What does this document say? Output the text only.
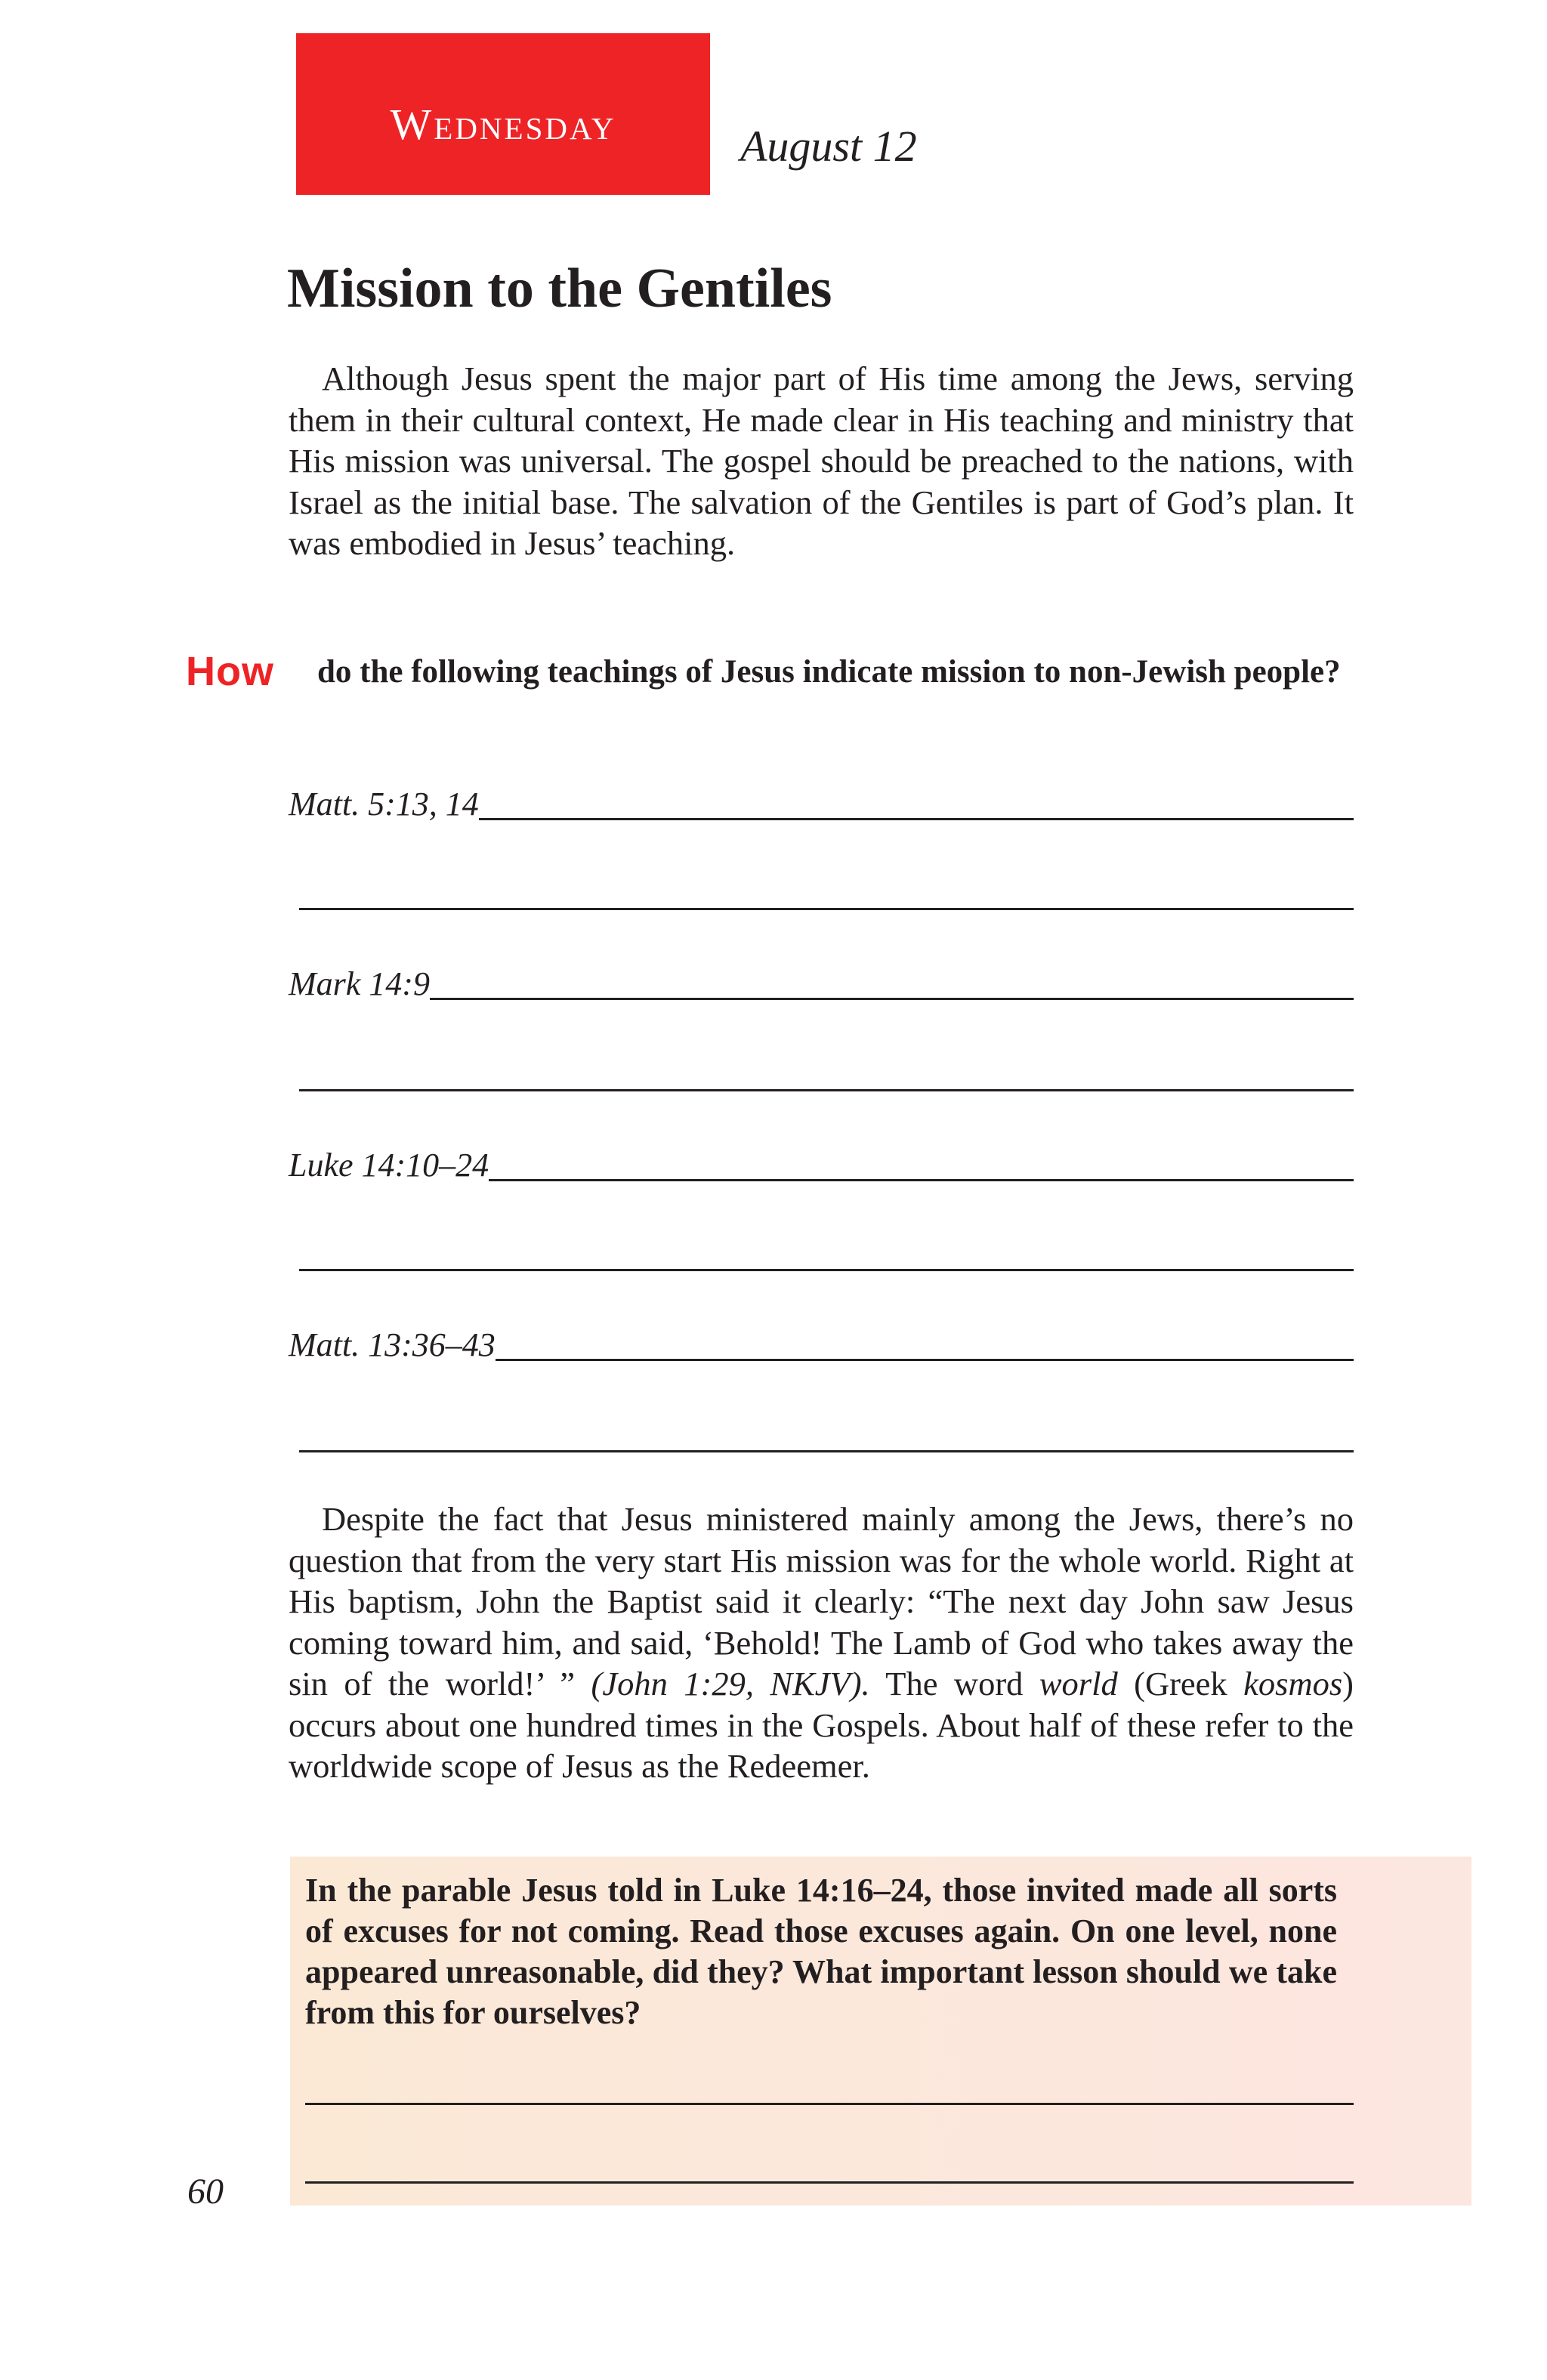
Wednesday	August 12
Mission to the Gentiles

Although Jesus spent the major part of His time among the Jews, serving them in their cultural context, He made clear in His teaching and ministry that His mission was universal. The gospel should be preached to the nations, with Israel as the initial base. The salvation of the Gentiles is part of God’s plan. It was embodied in Jesus’ teaching.

How	do the following teachings of Jesus indicate mission to non-Jewish people?

Matt. 5:13, 14
Mark 14:9
Luke 14:10–24
Matt. 13:36–43

Despite the fact that Jesus ministered mainly among the Jews, there’s no question that from the very start His mission was for the whole world. Right at His baptism, John the Baptist said it clearly: “The next day John saw Jesus coming toward him, and said, ‘Behold! The Lamb of God who takes away the sin of the world!’ ” (John 1:29, NKJV). The word world (Greek kosmos) occurs about one hundred times in the Gospels. About half of these refer to the worldwide scope of Jesus as the Redeemer.

In the parable Jesus told in Luke 14:16–24, those invited made all sorts of excuses for not coming. Read those excuses again. On one level, none appeared unreasonable, did they? What important lesson should we take from this for ourselves?

60
